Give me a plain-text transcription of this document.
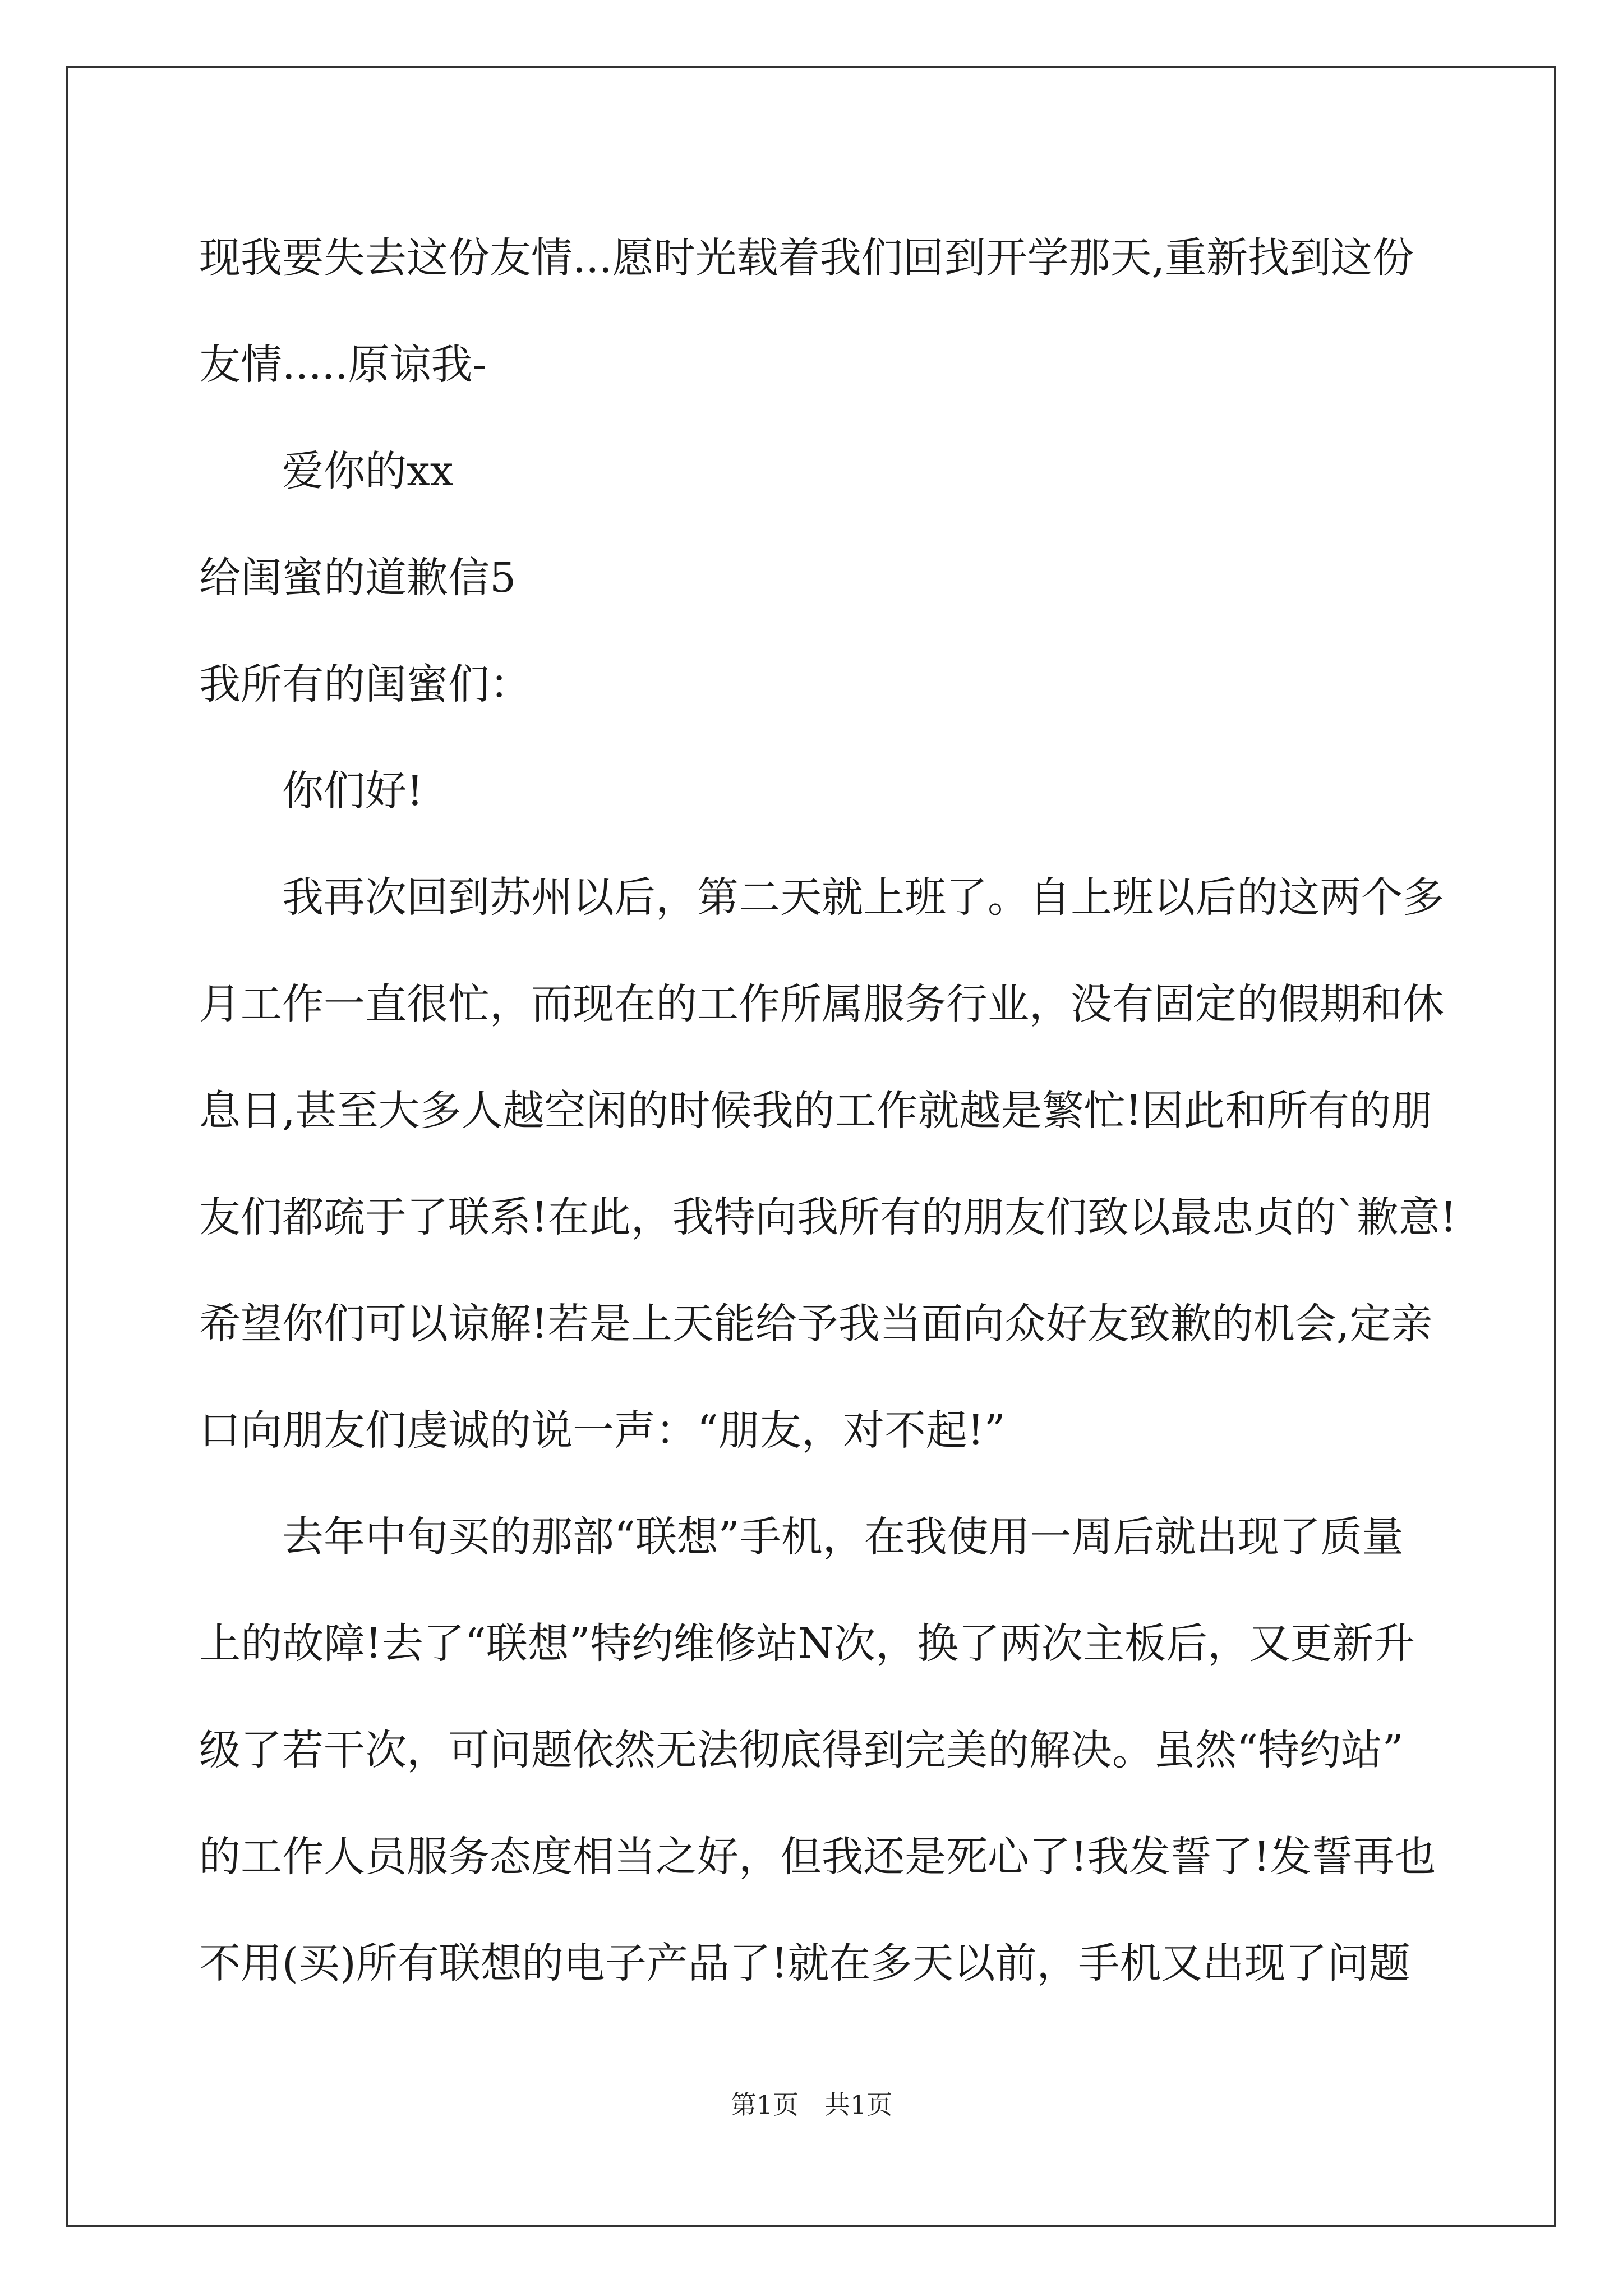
现我要失去这份友情...愿时光载着我们回到开学那天,重新找到这份

友情.....原谅我-

爱你的xx

给闺蜜的道歉信5

我所有的闺蜜们：

你们好!

我再次回到苏州以后，第二天就上班了。自上班以后的这两个多

月工作一直很忙，而现在的工作所属服务行业，没有固定的假期和休

息日,甚至大多人越空闲的时候我的工作就越是繁忙!因此和所有的朋

友们都疏于了联系!在此，我特向我所有的朋友们致以最忠贞的`歉意!

希望你们可以谅解!若是上天能给予我当面向众好友致歉的机会,定亲

口向朋友们虔诚的说一声：“朋友，对不起!”

去年中旬买的那部“联想”手机，在我使用一周后就出现了质量

上的故障!去了“联想”特约维修站N次，换了两次主板后，又更新升

级了若干次，可问题依然无法彻底得到完美的解决。虽然“特约站”

的工作人员服务态度相当之好，但我还是死心了!我发誓了!发誓再也

不用(买)所有联想的电子产品了!就在多天以前，手机又出现了问题

第1页　共1页
